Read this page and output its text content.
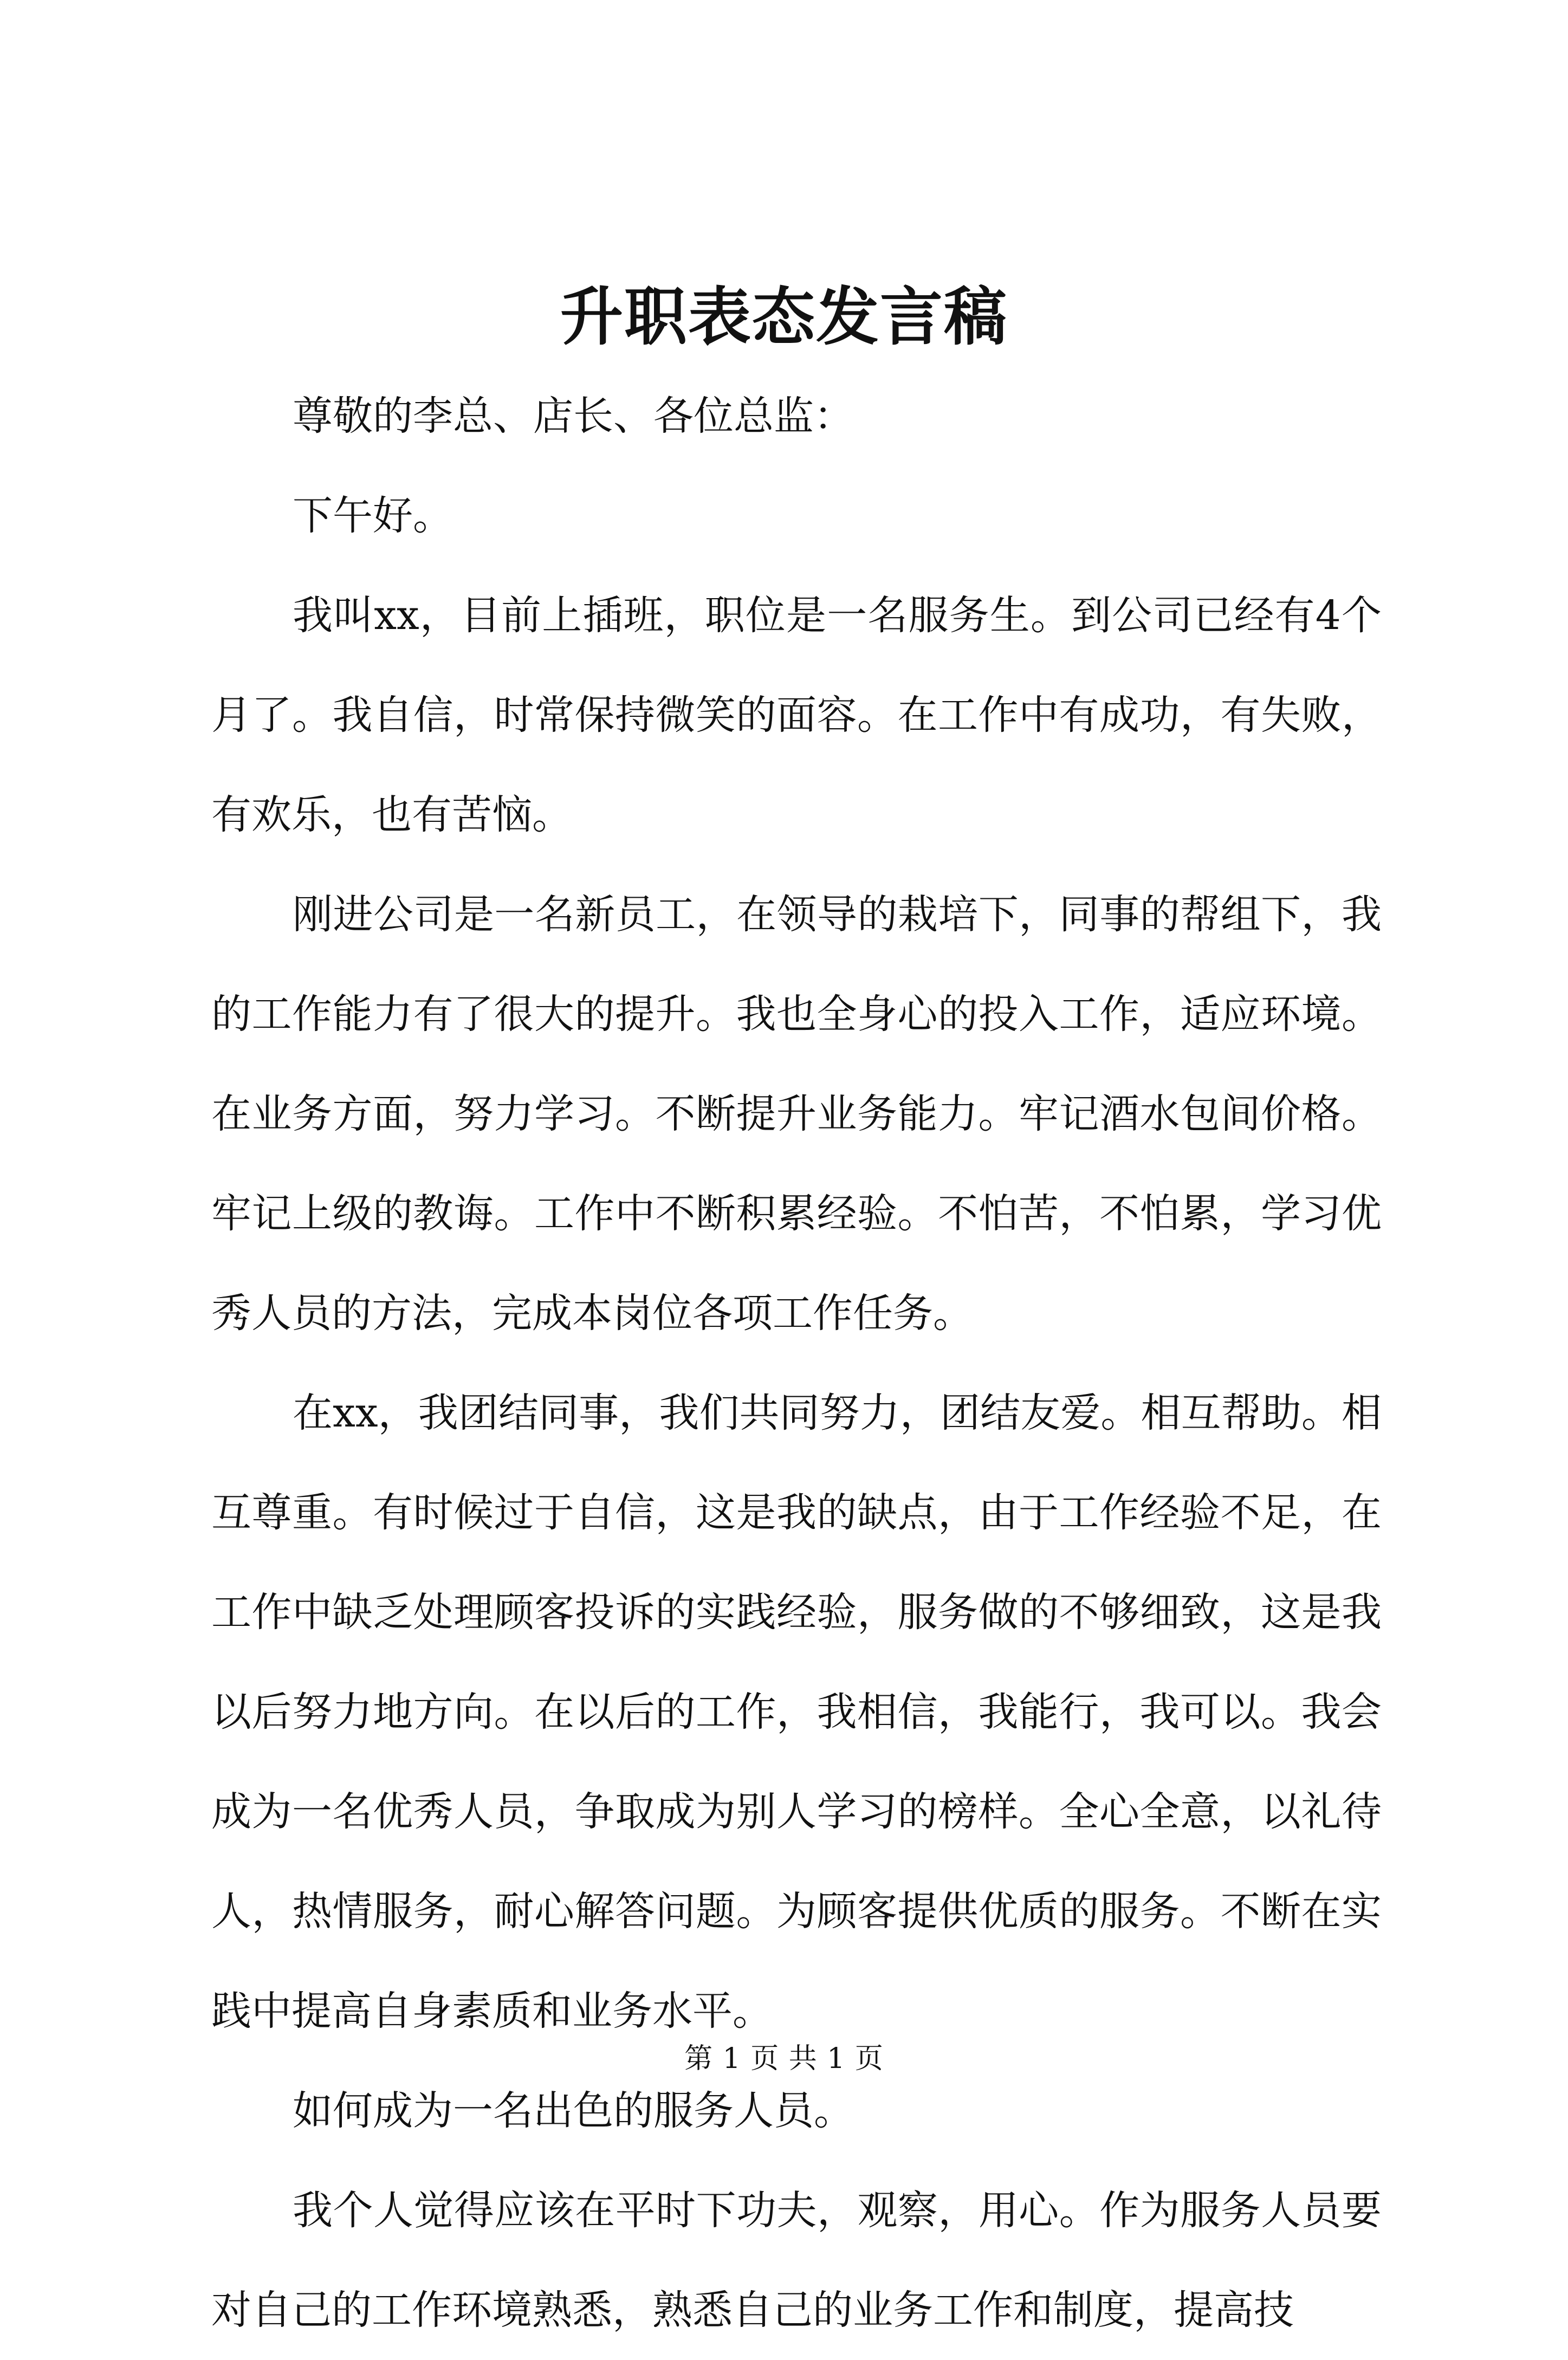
升职表态发言稿

尊敬的李总、店长、各位总监：

下午好。

我叫xx，目前上插班，职位是一名服务生。到公司已经有4个月了。我自信，时常保持微笑的面容。在工作中有成功，有失败，有欢乐，也有苦恼。

刚进公司是一名新员工，在领导的栽培下，同事的帮组下，我的工作能力有了很大的提升。我也全身心的投入工作，适应环境。在业务方面，努力学习。不断提升业务能力。牢记酒水包间价格。牢记上级的教诲。工作中不断积累经验。不怕苦，不怕累，学习优秀人员的方法，完成本岗位各项工作任务。

在xx，我团结同事，我们共同努力，团结友爱。相互帮助。相互尊重。有时候过于自信，这是我的缺点，由于工作经验不足，在工作中缺乏处理顾客投诉的实践经验，服务做的不够细致，这是我以后努力地方向。在以后的工作，我相信，我能行，我可以。我会成为一名优秀人员，争取成为别人学习的榜样。全心全意，以礼待人，热情服务，耐心解答问题。为顾客提供优质的服务。不断在实践中提高自身素质和业务水平。

如何成为一名出色的服务人员。

我个人觉得应该在平时下功夫，观察，用心。作为服务人员要对自己的工作环境熟悉，熟悉自己的业务工作和制度，提高技

第 1 页 共 1 页
